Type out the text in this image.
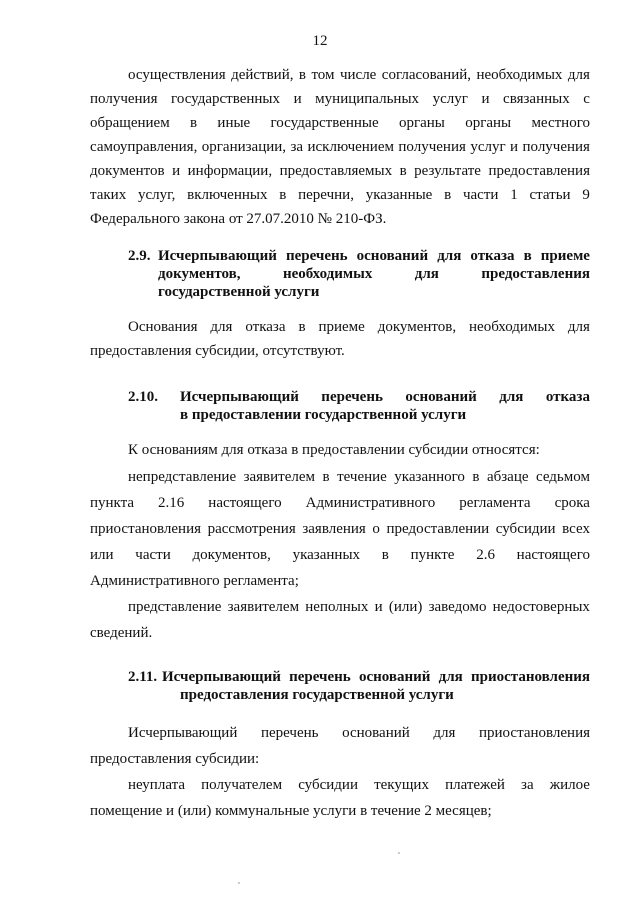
12
осуществления действий, в том числе согласований, необходимых для
получения государственных и муниципальных услуг и связанных с
обращением в иные государственные органы органы местного
самоуправления, организации, за исключением получения услуг и получения
документов и информации, предоставляемых в результате предоставления
таких услуг, включенных в перечни, указанные в части 1 статьи 9
Федерального закона от 27.07.2010 № 210-ФЗ.
2.9. Исчерпывающий перечень оснований для отказа в приеме
документов,	необходимых	для	предоставления
государственной услуги
Основания для отказа в приеме документов, необходимых для
предоставления субсидии, отсутствуют.
2.10. Исчерпывающий перечень оснований для отказа
в предоставлении государственной услуги
К основаниям для отказа в предоставлении субсидии относятся:
непредставление заявителем в течение указанного в абзаце седьмом
пункта 2.16 настоящего Административного регламента срока
приостановления рассмотрения заявления о предоставлении субсидии всех
или части документов, указанных в пункте 2.6 настоящего
Административного регламента;
представление заявителем неполных и (или) заведомо недостоверных
сведений.
2.11. Исчерпывающий перечень оснований для приостановления
предоставления государственной услуги
Исчерпывающий перечень оснований для приостановления
предоставления субсидии:
неуплата получателем субсидии текущих платежей за жилое
помещение и (или) коммунальные услуги в течение 2 месяцев;
